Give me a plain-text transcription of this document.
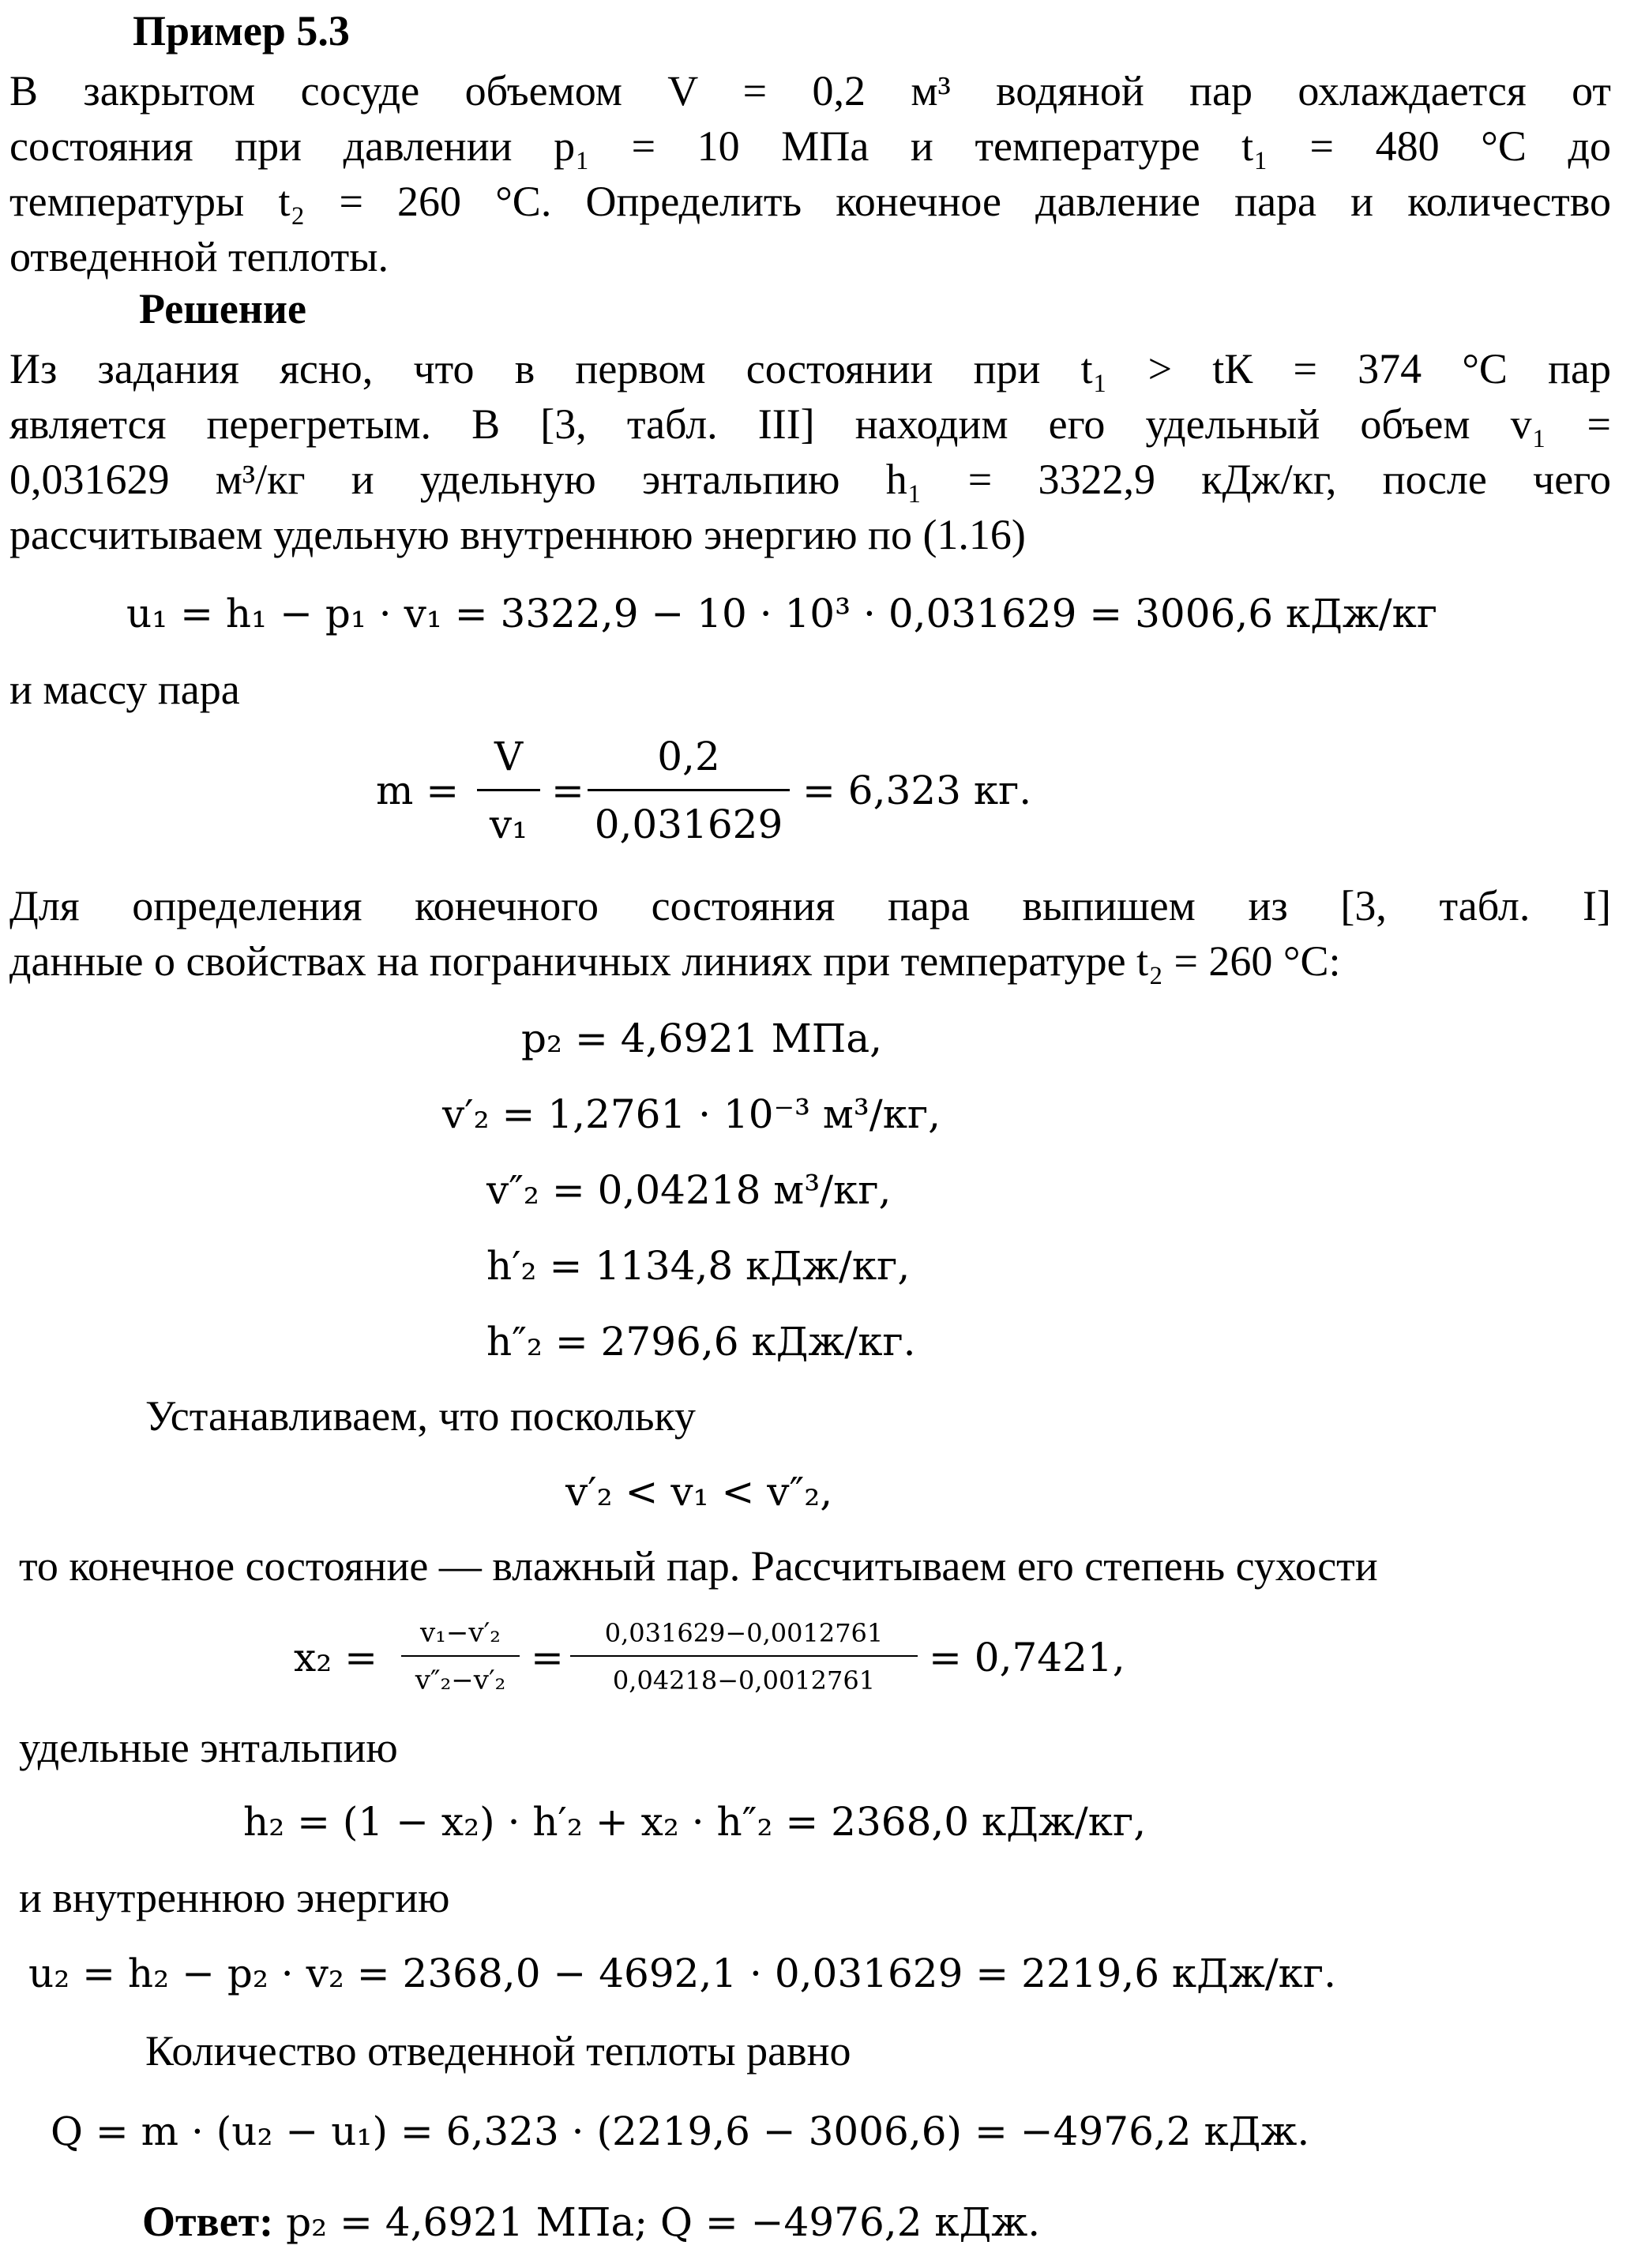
Пример 5.3
В закрытом сосуде объемом V = 0,2 м³ водяной пар охлаждается от
состояния при давлении p₁ = 10 МПа и температуре t₁ = 480 °C до
температуры t₂ = 260 °C. Определить конечное давление пара и количество
отведенной теплоты.
Решение
Из задания ясно, что в первом состоянии при t₁ > tК = 374 °C пар
является перегретым. В [3, табл. III] находим его удельный объем v₁ =
0,031629 м³/кг и удельную энтальпию h₁ = 3322,9 кДж/кг, после чего
рассчитываем удельную внутреннюю энергию по (1.16)
u₁ = h₁ − p₁ · v₁ = 3322,9 − 10 · 10³ · 0,031629 = 3006,6 кДж/кг
и массу пара
m =
V
v₁
=
0,2
0,031629
= 6,323 кг.
Для определения конечного состояния пара выпишем из [3, табл. I]
данные о свойствах на пограничных линиях при температуре t₂ = 260 °C:
p₂ = 4,6921 МПа,
v′₂ = 1,2761 · 10⁻³ м³/кг,
v″₂ = 0,04218 м³/кг,
h′₂ = 1134,8 кДж/кг,
h″₂ = 2796,6 кДж/кг.
Устанавливаем, что поскольку
v′₂ < v₁ < v″₂,
то конечное состояние — влажный пар. Рассчитываем его степень сухости
x₂ =
v₁−v′₂
v″₂−v′₂ =
0,031629−0,0012761
0,04218−0,0012761	= 0,7421,
удельные энтальпию
h₂ = (1 − x₂) · h′₂ + x₂ · h″₂ = 2368,0 кДж/кг,
и внутреннюю энергию
u₂ = h₂ − p₂ · v₂ = 2368,0 − 4692,1 · 0,031629 = 2219,6 кДж/кг.
Количество отведенной теплоты равно
Q = m · (u₂ − u₁) = 6,323 · (2219,6 − 3006,6) = −4976,2 кДж.
Ответ: p₂ = 4,6921 МПа; Q = −4976,2 кДж.
